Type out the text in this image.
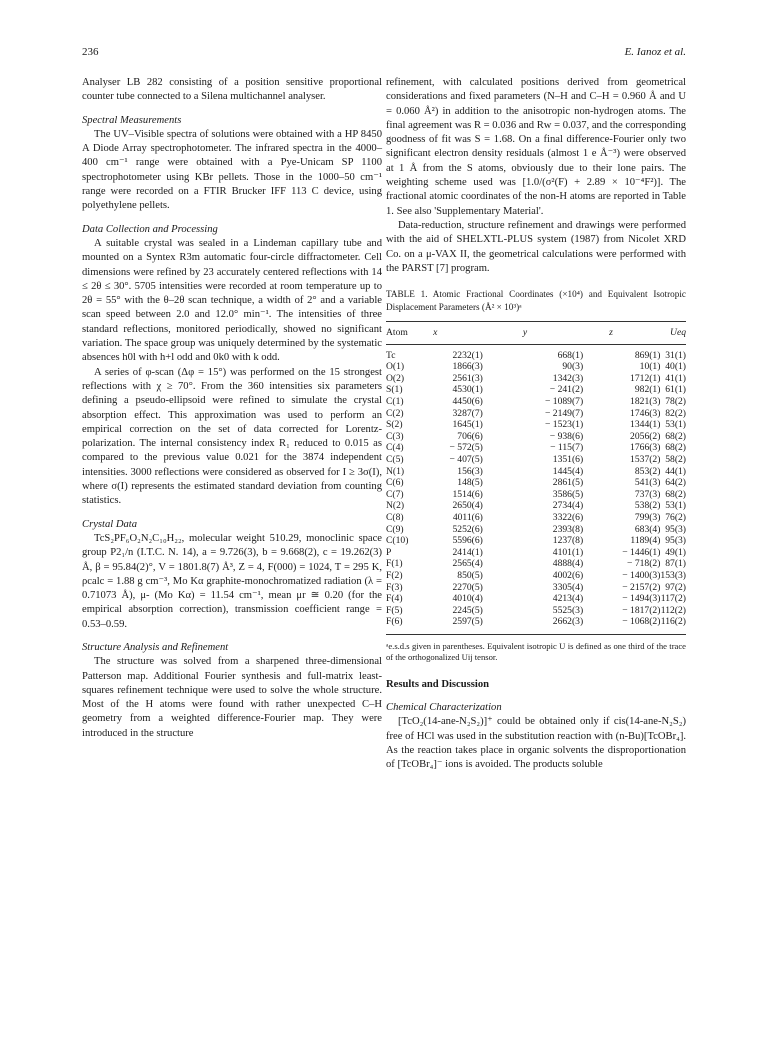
236	E. Ianoz et al.

Analyser LB 282 consisting of a position sensitive proportional counter tube connected to a Silena multichannel analyser.

Spectral Measurements

The UV–Visible spectra of solutions were obtained with a HP 8450 A Diode Array spectrophotometer. The infrared spectra in the 4000–400 cm⁻¹ range were obtained with a Pye-Unicam SP 1100 spectrophotometer using KBr pellets. Those in the 1000–50 cm⁻¹ range were recorded on a FTIR Brucker IFF 113 C device, using polyethylene pellets.

Data Collection and Processing

A suitable crystal was sealed in a Lindeman capillary tube and mounted on a Syntex R3m automatic four-circle diffractometer. Cell dimensions were refined by 23 accurately centered reflections with 14 ≤ 2θ ≤ 30°. 5705 intensities were recorded at room temperature up to 2θ = 55° with the θ–2θ scan technique, a width of 2° and a variable scan speed between 2.0 and 12.0° min⁻¹. The intensities of three standard reflections, monitored periodically, showed no significant variation. The space group was uniquely determined by the systematic absences h0l with h+l odd and 0k0 with k odd.

A series of φ-scan (Δφ = 15°) was performed on the 15 strongest reflections with χ ≥ 70°. From the 360 intensities six parameters defining a pseudo-ellipsoid were refined to simulate the crystal absorption effect. This approximation was used to perform an empirical correction on the set of data corrected for Lorentz-polarization. The internal consistency index R₁ reduced to 0.015 as compared to the previous value 0.021 for the 3874 independent intensities. 3000 reflections were considered as observed for I ≥ 3σ(I), where σ(I) represents the estimated standard deviation from counting statistics.

Crystal Data

TcS₂PF₆O₂N₂C₁₀H₂₂, molecular weight 510.29, monoclinic space group P2₁/n (I.T.C. N. 14), a = 9.726(3), b = 9.668(2), c = 19.262(3) Å, β = 95.84(2)°, V = 1801.8(7) Å³, Z = 4, F(000) = 1024, T = 295 K, ρcalc = 1.88 g cm⁻³, Mo Kα graphite-monochromatized radiation (λ = 0.71073 Å), μ- (Mo Kα) = 11.54 cm⁻¹, mean μr ≅ 0.20 (for the empirical absorption correction), transmission coefficient range = 0.53–0.59.

Structure Analysis and Refinement

The structure was solved from a sharpened three-dimensional Patterson map. Additional Fourier synthesis and full-matrix least-squares refinement technique were used to solve the whole structure. Most of the H atoms were found with rather unexpected C–H geometry from a weighted difference-Fourier map. They were introduced in the structure

refinement, with calculated positions derived from geometrical considerations and fixed parameters (N–H and C–H = 0.960 Å and U = 0.060 Å²) in addition to the anisotropic non-hydrogen atoms. The final agreement was R = 0.036 and Rw = 0.037, and the corresponding goodness of fit was S = 1.68. On a final difference-Fourier only two significant electron density residuals (almost 1 e Å⁻³) were observed at 1 Å from the S atoms, obviously due to their lone pairs. The weighting scheme used was [1.0/(σ²(F) + 2.89 × 10⁻⁴F²)]. The fractional atomic coordinates of the non-H atoms are reported in Table 1. See also 'Supplementary Material'.

Data-reduction, structure refinement and drawings were performed with the aid of SHELXTL-PLUS system (1987) from Nicolet XRD Co. on a μ-VAX II, the geometrical calculations were performed with the PARST [7] program.

TABLE 1. Atomic Fractional Coordinates (×10⁴) and Equivalent Isotropic Displacement Parameters (Å² × 10³)ᵃ

Atom	x	y	z	Ueq
Tc	2232(1)	668(1)	869(1)	31(1)
O(1)	1866(3)	90(3)	10(1)	40(1)
O(2)	2561(3)	1342(3)	1712(1)	41(1)
S(1)	4530(1)	− 241(2)	982(1)	61(1)
C(1)	4450(6)	− 1089(7)	1821(3)	78(2)
C(2)	3287(7)	− 2149(7)	1746(3)	82(2)
S(2)	1645(1)	− 1523(1)	1344(1)	53(1)
C(3)	706(6)	− 938(6)	2056(2)	68(2)
C(4)	− 572(5)	− 115(7)	1766(3)	68(2)
C(5)	− 407(5)	1351(6)	1537(2)	58(2)
N(1)	156(3)	1445(4)	853(2)	44(1)
C(6)	148(5)	2861(5)	541(3)	64(2)
C(7)	1514(6)	3586(5)	737(3)	68(2)
N(2)	2650(4)	2734(4)	538(2)	53(1)
C(8)	4011(6)	3322(6)	799(3)	76(2)
C(9)	5252(6)	2393(8)	683(4)	95(3)
C(10)	5596(6)	1237(8)	1189(4)	95(3)
P	2414(1)	4101(1)	− 1446(1)	49(1)
F(1)	2565(4)	4888(4)	− 718(2)	87(1)
F(2)	850(5)	4002(6)	− 1400(3)	153(3)
F(3)	2270(5)	3305(4)	− 2157(2)	97(2)
F(4)	4010(4)	4213(4)	− 1494(3)	117(2)
F(5)	2245(5)	5525(3)	− 1817(2)	112(2)
F(6)	2597(5)	2662(3)	− 1068(2)	116(2)

ᵃe.s.d.s given in parentheses. Equivalent isotropic U is defined as one third of the trace of the orthogonalized Uij tensor.

Results and Discussion

Chemical Characterization

[TcO₂(14-ane-N₂S₂)]⁺ could be obtained only if cis(14-ane-N₂S₂) free of HCl was used in the substitution reaction with (n-Bu)[TcOBr₄]. As the reaction takes place in organic solvents the disproportionation of [TcOBr₄]⁻ ions is avoided. The products soluble
